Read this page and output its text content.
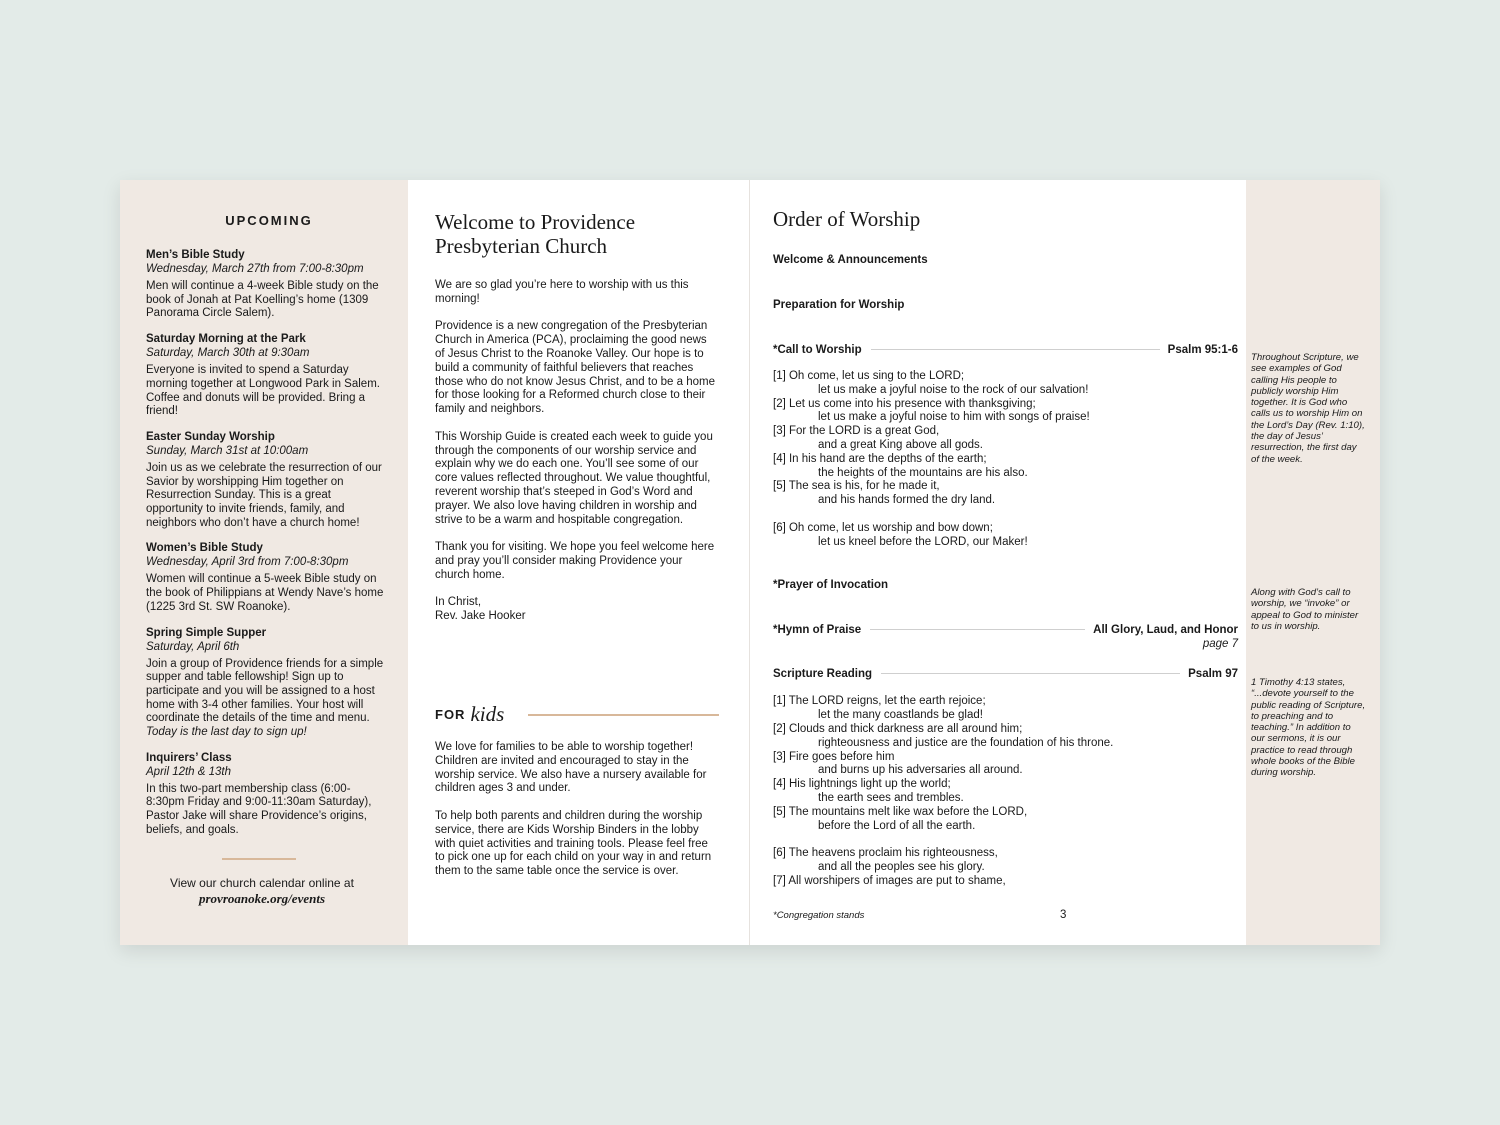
UPCOMING
Men’s Bible Study
Wednesday, March 27th from 7:00-8:30pm
Men will continue a 4-week Bible study on the book of Jonah at Pat Koelling’s home (1309 Panorama Circle Salem).
Saturday Morning at the Park
Saturday, March 30th at 9:30am
Everyone is invited to spend a Saturday morning together at Longwood Park in Salem. Coffee and donuts will be provided. Bring a friend!
Easter Sunday Worship
Sunday, March 31st at 10:00am
Join us as we celebrate the resurrection of our Savior by worshipping Him together on Resurrection Sunday. This is a great opportunity to invite friends, family, and neighbors who don’t have a church home!
Women’s Bible Study
Wednesday, April 3rd from 7:00-8:30pm
Women will continue a 5-week Bible study on the book of Philippians at Wendy Nave’s home (1225 3rd St. SW Roanoke).
Spring Simple Supper
Saturday, April 6th
Join a group of Providence friends for a simple supper and table fellowship! Sign up to participate and you will be assigned to a host home with 3-4 other families. Your host will coordinate the details of the time and menu. Today is the last day to sign up!
Inquirers’ Class
April 12th & 13th
In this two-part membership class (6:00-8:30pm Friday and 9:00-11:30am Saturday), Pastor Jake will share Providence’s origins, beliefs, and goals.
View our church calendar online at
provroanoke.org/events
Welcome to Providence
Presbyterian Church

We are so glad you’re here to worship with us this morning!

Providence is a new congregation of the Presbyterian Church in America (PCA), proclaiming the good news of Jesus Christ to the Roanoke Valley. Our hope is to build a community of faithful believers that reaches those who do not know Jesus Christ, and to be a home for those looking for a Reformed church close to their family and neighbors.

This Worship Guide is created each week to guide you through the components of our worship service and explain why we do each one. You’ll see some of our core values reflected throughout. We value thoughtful, reverent worship that’s steeped in God’s Word and prayer. We also love having children in worship and strive to be a warm and hospitable congregation.

Thank you for visiting. We hope you feel welcome here and pray you’ll consider making Providence your church home.

In Christ,
Rev. Jake Hooker
FOR kids

We love for families to be able to worship together! Children are invited and encouraged to stay in the worship service. We also have a nursery available for children ages 3 and under.

To help both parents and children during the worship service, there are Kids Worship Binders in the lobby with quiet activities and training tools. Please feel free to pick one up for each child on your way in and return them to the same table once the service is over.

Order of Worship
Welcome & Announcements
Preparation for Worship
*Call to Worship	Psalm 95:1-6
[1] Oh come, let us sing to the LORD;
let us make a joyful noise to the rock of our salvation!
[2] Let us come into his presence with thanksgiving;
let us make a joyful noise to him with songs of praise!
[3] For the LORD is a great God,
and a great King above all gods.
[4] In his hand are the depths of the earth;
the heights of the mountains are his also.
[5] The sea is his, for he made it,
and his hands formed the dry land.
[6] Oh come, let us worship and bow down;
let us kneel before the LORD, our Maker!
*Prayer of Invocation
*Hymn of Praise	All Glory, Laud, and Honor
page 7
Scripture Reading	Psalm 97
[1] The LORD reigns, let the earth rejoice;
let the many coastlands be glad!
[2] Clouds and thick darkness are all around him;
righteousness and justice are the foundation of his throne.
[3] Fire goes before him
and burns up his adversaries all around.
[4] His lightnings light up the world;
the earth sees and trembles.
[5] The mountains melt like wax before the LORD,
before the Lord of all the earth.
[6] The heavens proclaim his righteousness,
and all the peoples see his glory.
[7] All worshipers of images are put to shame,
*Congregation stands	3
Throughout Scripture, we see examples of God calling His people to publicly worship Him together. It is God who calls us to worship Him on the Lord’s Day (Rev. 1:10), the day of Jesus’ resurrection, the first day of the week.
Along with God’s call to worship, we “invoke” or appeal to God to minister to us in worship.
1 Timothy 4:13 states, “...devote yourself to the public reading of Scripture, to preaching and to teaching.” In addition to our sermons, it is our practice to read through whole books of the Bible during worship.
